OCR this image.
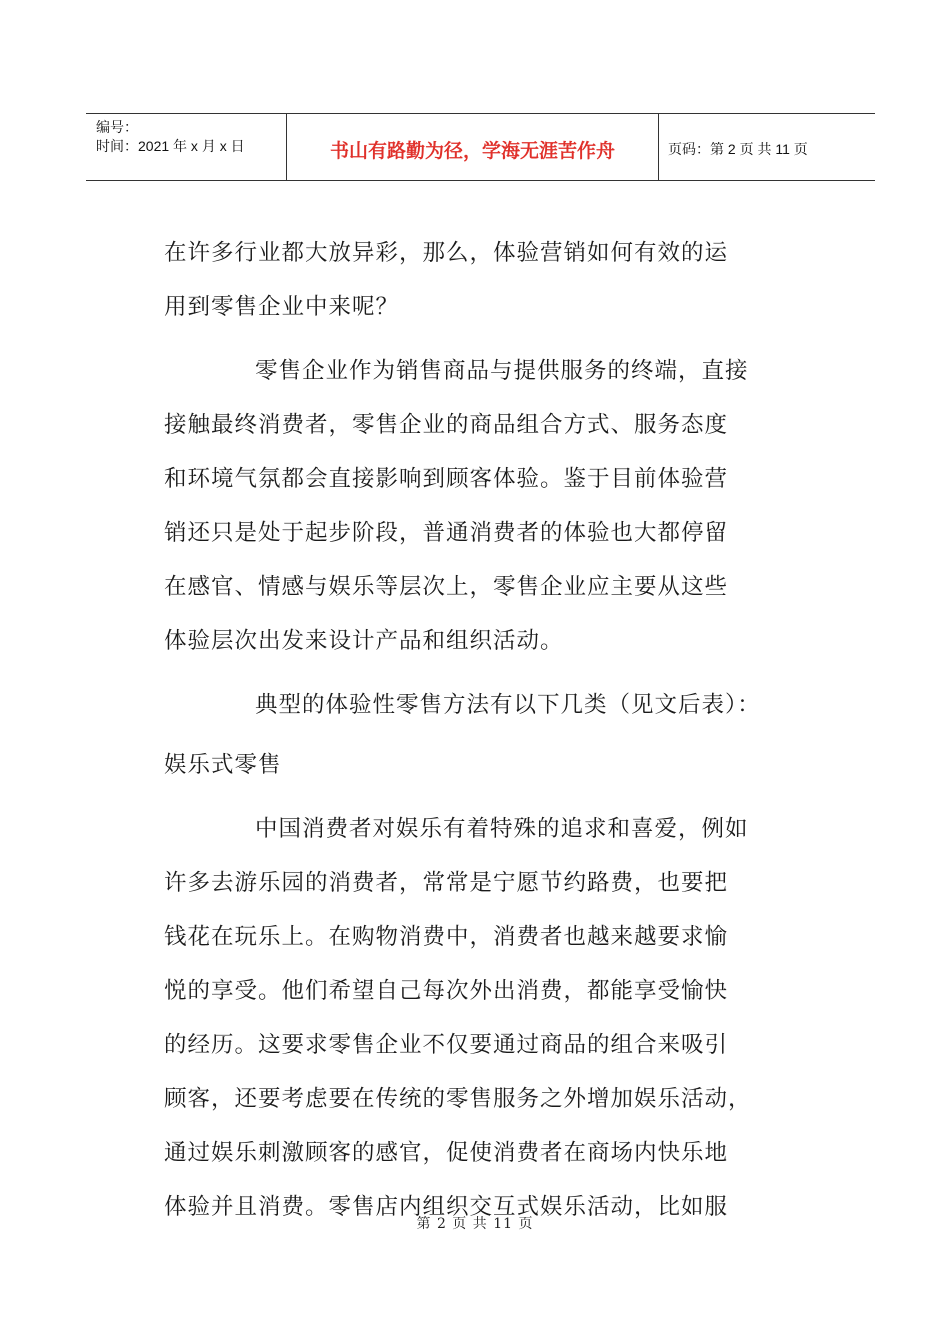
编号：
时间：2021 年 x 月 x 日	书山有路勤为径，学海无涯苦作舟	页码：第 2 页 共 11 页
在许多行业都大放异彩，那么，体验营销如何有效的运
用到零售企业中来呢？
零售企业作为销售商品与提供服务的终端，直接
接触最终消费者，零售企业的商品组合方式、服务态度
和环境气氛都会直接影响到顾客体验。鉴于目前体验营
销还只是处于起步阶段，普通消费者的体验也大都停留
在感官、情感与娱乐等层次上，零售企业应主要从这些
体验层次出发来设计产品和组织活动。
典型的体验性零售方法有以下几类（见文后表）：
娱乐式零售
中国消费者对娱乐有着特殊的追求和喜爱，例如
许多去游乐园的消费者，常常是宁愿节约路费，也要把
钱花在玩乐上。在购物消费中，消费者也越来越要求愉
悦的享受。他们希望自己每次外出消费，都能享受愉快
的经历。这要求零售企业不仅要通过商品的组合来吸引
顾客，还要考虑要在传统的零售服务之外增加娱乐活动，
通过娱乐刺激顾客的感官，促使消费者在商场内快乐地
体验并且消费。零售店内组织交互式娱乐活动，比如服
第 2 页 共 11 页
